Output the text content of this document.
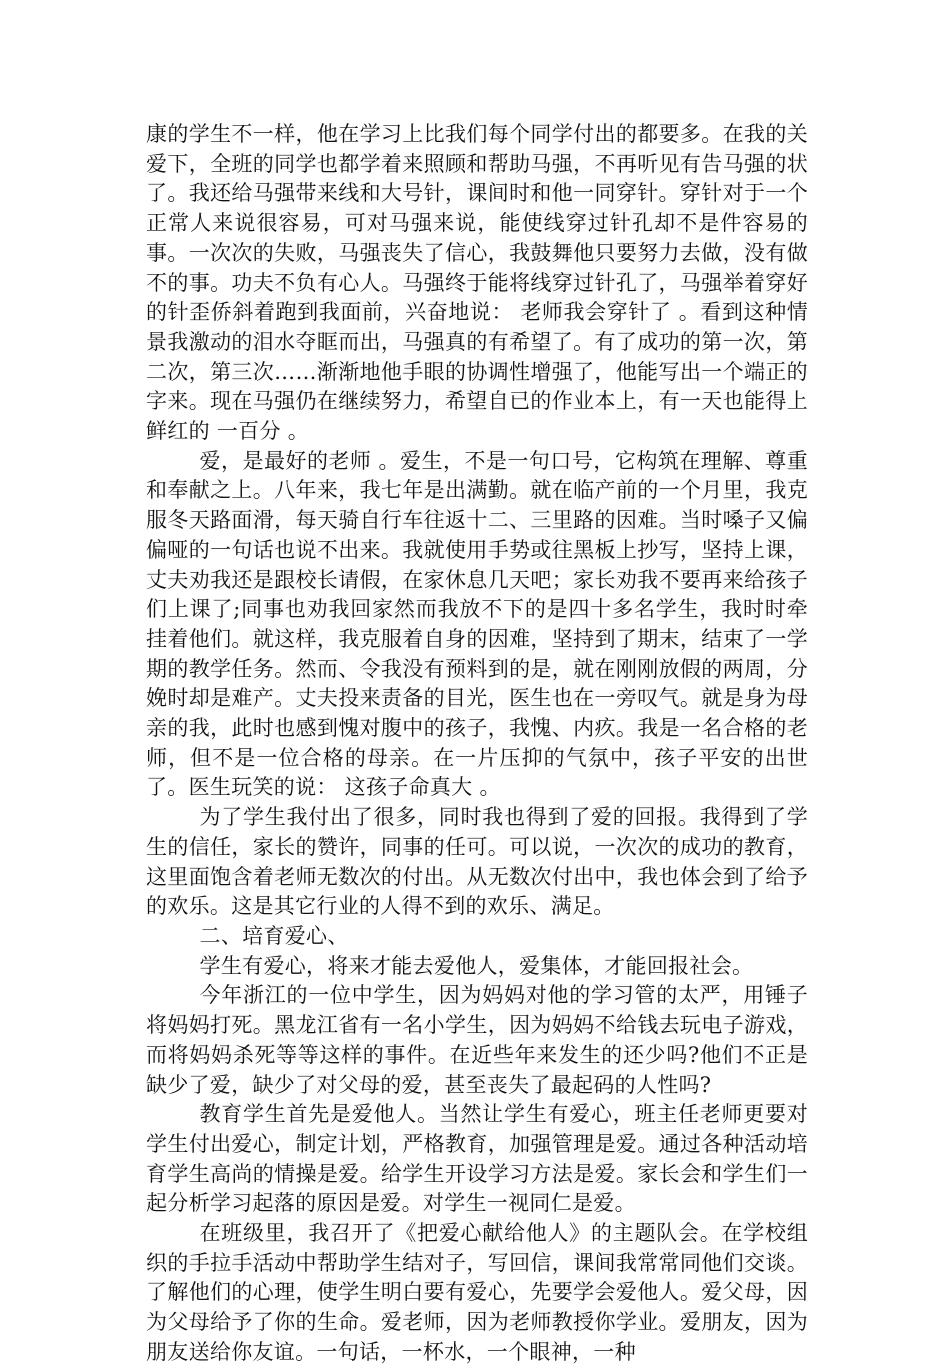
康的学生不一样，他在学习上比我们每个同学付出的都要多。在我的关爱下，全班的同学也都学着来照顾和帮助马强，不再听见有告马强的状了。我还给马强带来线和大号针，课间时和他一同穿针。穿针对于一个正常人来说很容易，可对马强来说，能使线穿过针孔却不是件容易的事。一次次的失败，马强丧失了信心，我鼓舞他只要努力去做，没有做不的事。功夫不负有心人。马强终于能将线穿过针孔了，马强举着穿好的针歪侨斜着跑到我面前，兴奋地说： 老师我会穿针了 。看到这种情景我激动的泪水夺眶而出，马强真的有希望了。有了成功的第一次，第二次，第三次……渐渐地他手眼的协调性增强了，他能写出一个端正的字来。现在马强仍在继续努力，希望自已的作业本上，有一天也能得上鲜红的 一百分 。

爱，是最好的老师 。爱生，不是一句口号，它构筑在理解、尊重和奉献之上。八年来，我七年是出满勤。就在临产前的一个月里，我克服冬天路面滑，每天骑自行车往返十二、三里路的因难。当时嗓子又偏偏哑的一句话也说不出来。我就使用手势或往黑板上抄写，坚持上课，丈夫劝我还是跟校长请假，在家休息几天吧；家长劝我不要再来给孩子们上课了;同事也劝我回家然而我放不下的是四十多名学生，我时时牵挂着他们。就这样，我克服着自身的因难，坚持到了期末，结束了一学期的教学任务。然而、令我没有预料到的是，就在刚刚放假的两周，分娩时却是难产。丈夫投来责备的目光，医生也在一旁叹气。就是身为母亲的我，此时也感到愧对腹中的孩子，我愧、内疚。我是一名合格的老师，但不是一位合格的母亲。在一片压抑的气氛中，孩子平安的出世了。医生玩笑的说： 这孩子命真大 。

为了学生我付出了很多，同时我也得到了爱的回报。我得到了学生的信任，家长的赞许，同事的任可。可以说，一次次的成功的教育，这里面饱含着老师无数次的付出。从无数次付出中，我也体会到了给予的欢乐。这是其它行业的人得不到的欢乐、满足。

二、培育爱心、

学生有爱心，将来才能去爱他人，爱集体，才能回报社会。

今年浙江的一位中学生，因为妈妈对他的学习管的太严，用锤子将妈妈打死。黑龙江省有一名小学生，因为妈妈不给钱去玩电子游戏，而将妈妈杀死等等这样的事件。在近些年来发生的还少吗?他们不正是缺少了爱，缺少了对父母的爱，甚至丧失了最起码的人性吗?

教育学生首先是爱他人。当然让学生有爱心，班主任老师更要对学生付出爱心，制定计划，严格教育，加强管理是爱。通过各种活动培育学生高尚的情操是爱。给学生开设学习方法是爱。家长会和学生们一起分析学习起落的原因是爱。对学生一视同仁是爱。

在班级里，我召开了《把爱心献给他人》的主题队会。在学校组织的手拉手活动中帮助学生结对子，写回信，课间我常常同他们交谈。了解他们的心理，使学生明白要有爱心，先要学会爱他人。爱父母，因为父母给予了你的生命。爱老师，因为老师教授你学业。爱朋友，因为朋友送给你友谊。一句话，一杯水，一个眼神，一种
